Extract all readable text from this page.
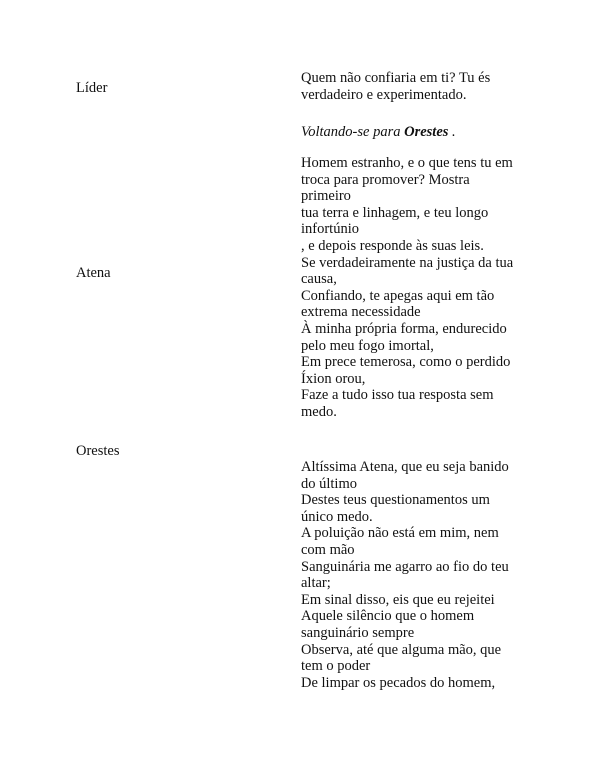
Líder
Quem não confiaria em ti? Tu és
verdadeiro e experimentado.
Voltando-se para Orestes .
Atena
Homem estranho, e o que tens tu em
troca para promover? Mostra
primeiro
tua terra e linhagem, e teu longo
infortúnio
, e depois responde às suas leis.
Se verdadeiramente na justiça da tua
causa,
Confiando, te apegas aqui em tão
extrema necessidade
À minha própria forma, endurecido
pelo meu fogo imortal,
Em prece temerosa, como o perdido
Íxion orou,
Faze a tudo isso tua resposta sem
medo.
Orestes
Altíssima Atena, que eu seja banido
do último
Destes teus questionamentos um
único medo.
A poluição não está em mim, nem
com mão
Sanguinária me agarro ao fio do teu
altar;
Em sinal disso, eis que eu rejeitei
Aquele silêncio que o homem
sanguinário sempre
Observa, até que alguma mão, que
tem o poder
De limpar os pecados do homem,
